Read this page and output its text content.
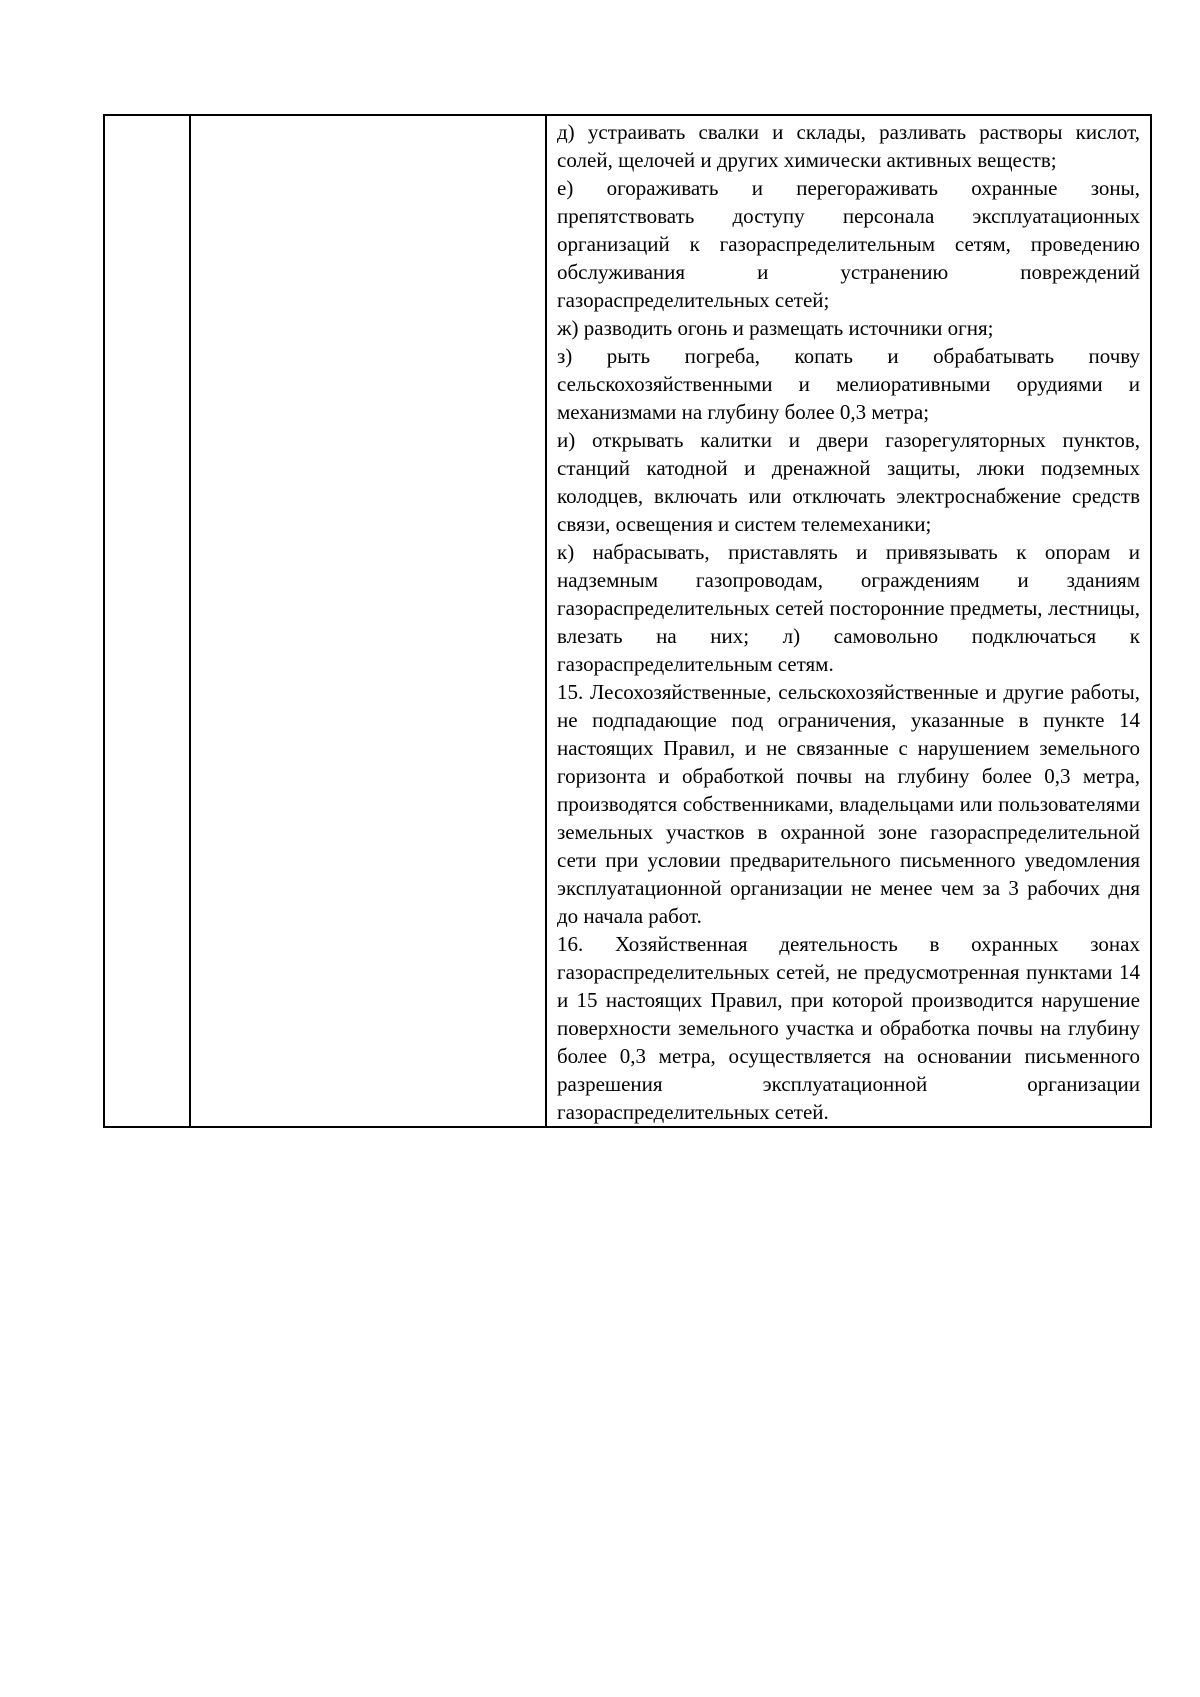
д) устраивать свалки и склады, разливать растворы кислот, солей, щелочей и других химически активных веществ;

е) огораживать и перегораживать охранные зоны, препятствовать доступу персонала эксплуатационных организаций к газораспределительным сетям, проведению обслуживания и устранению повреждений газораспределительных сетей;

ж) разводить огонь и размещать источники огня;

з) рыть погреба, копать и обрабатывать почву сельскохозяйственными и мелиоративными орудиями и механизмами на глубину более 0,3 метра;

и) открывать калитки и двери газорегуляторных пунктов, станций катодной и дренажной защиты, люки подземных колодцев, включать или отключать электроснабжение средств связи, освещения и систем телемеханики;

к) набрасывать, приставлять и привязывать к опорам и надземным газопроводам, ограждениям и зданиям газораспределительных сетей посторонние предметы, лестницы, влезать на них; л) самовольно подключаться к газораспределительным сетям.

15. Лесохозяйственные, сельскохозяйственные и другие работы, не подпадающие под ограничения, указанные в пункте 14 настоящих Правил, и не связанные с нарушением земельного горизонта и обработкой почвы на глубину более 0,3 метра, производятся собственниками, владельцами или пользователями земельных участков в охранной зоне газораспределительной сети при условии предварительного письменного уведомления эксплуатационной организации не менее чем за 3 рабочих дня до начала работ.

16. Хозяйственная деятельность в охранных зонах газораспределительных сетей, не предусмотренная пунктами 14 и 15 настоящих Правил, при которой производится нарушение поверхности земельного участка и обработка почвы на глубину более 0,3 метра, осуществляется на основании письменного разрешения эксплуатационной организации газораспределительных сетей.
